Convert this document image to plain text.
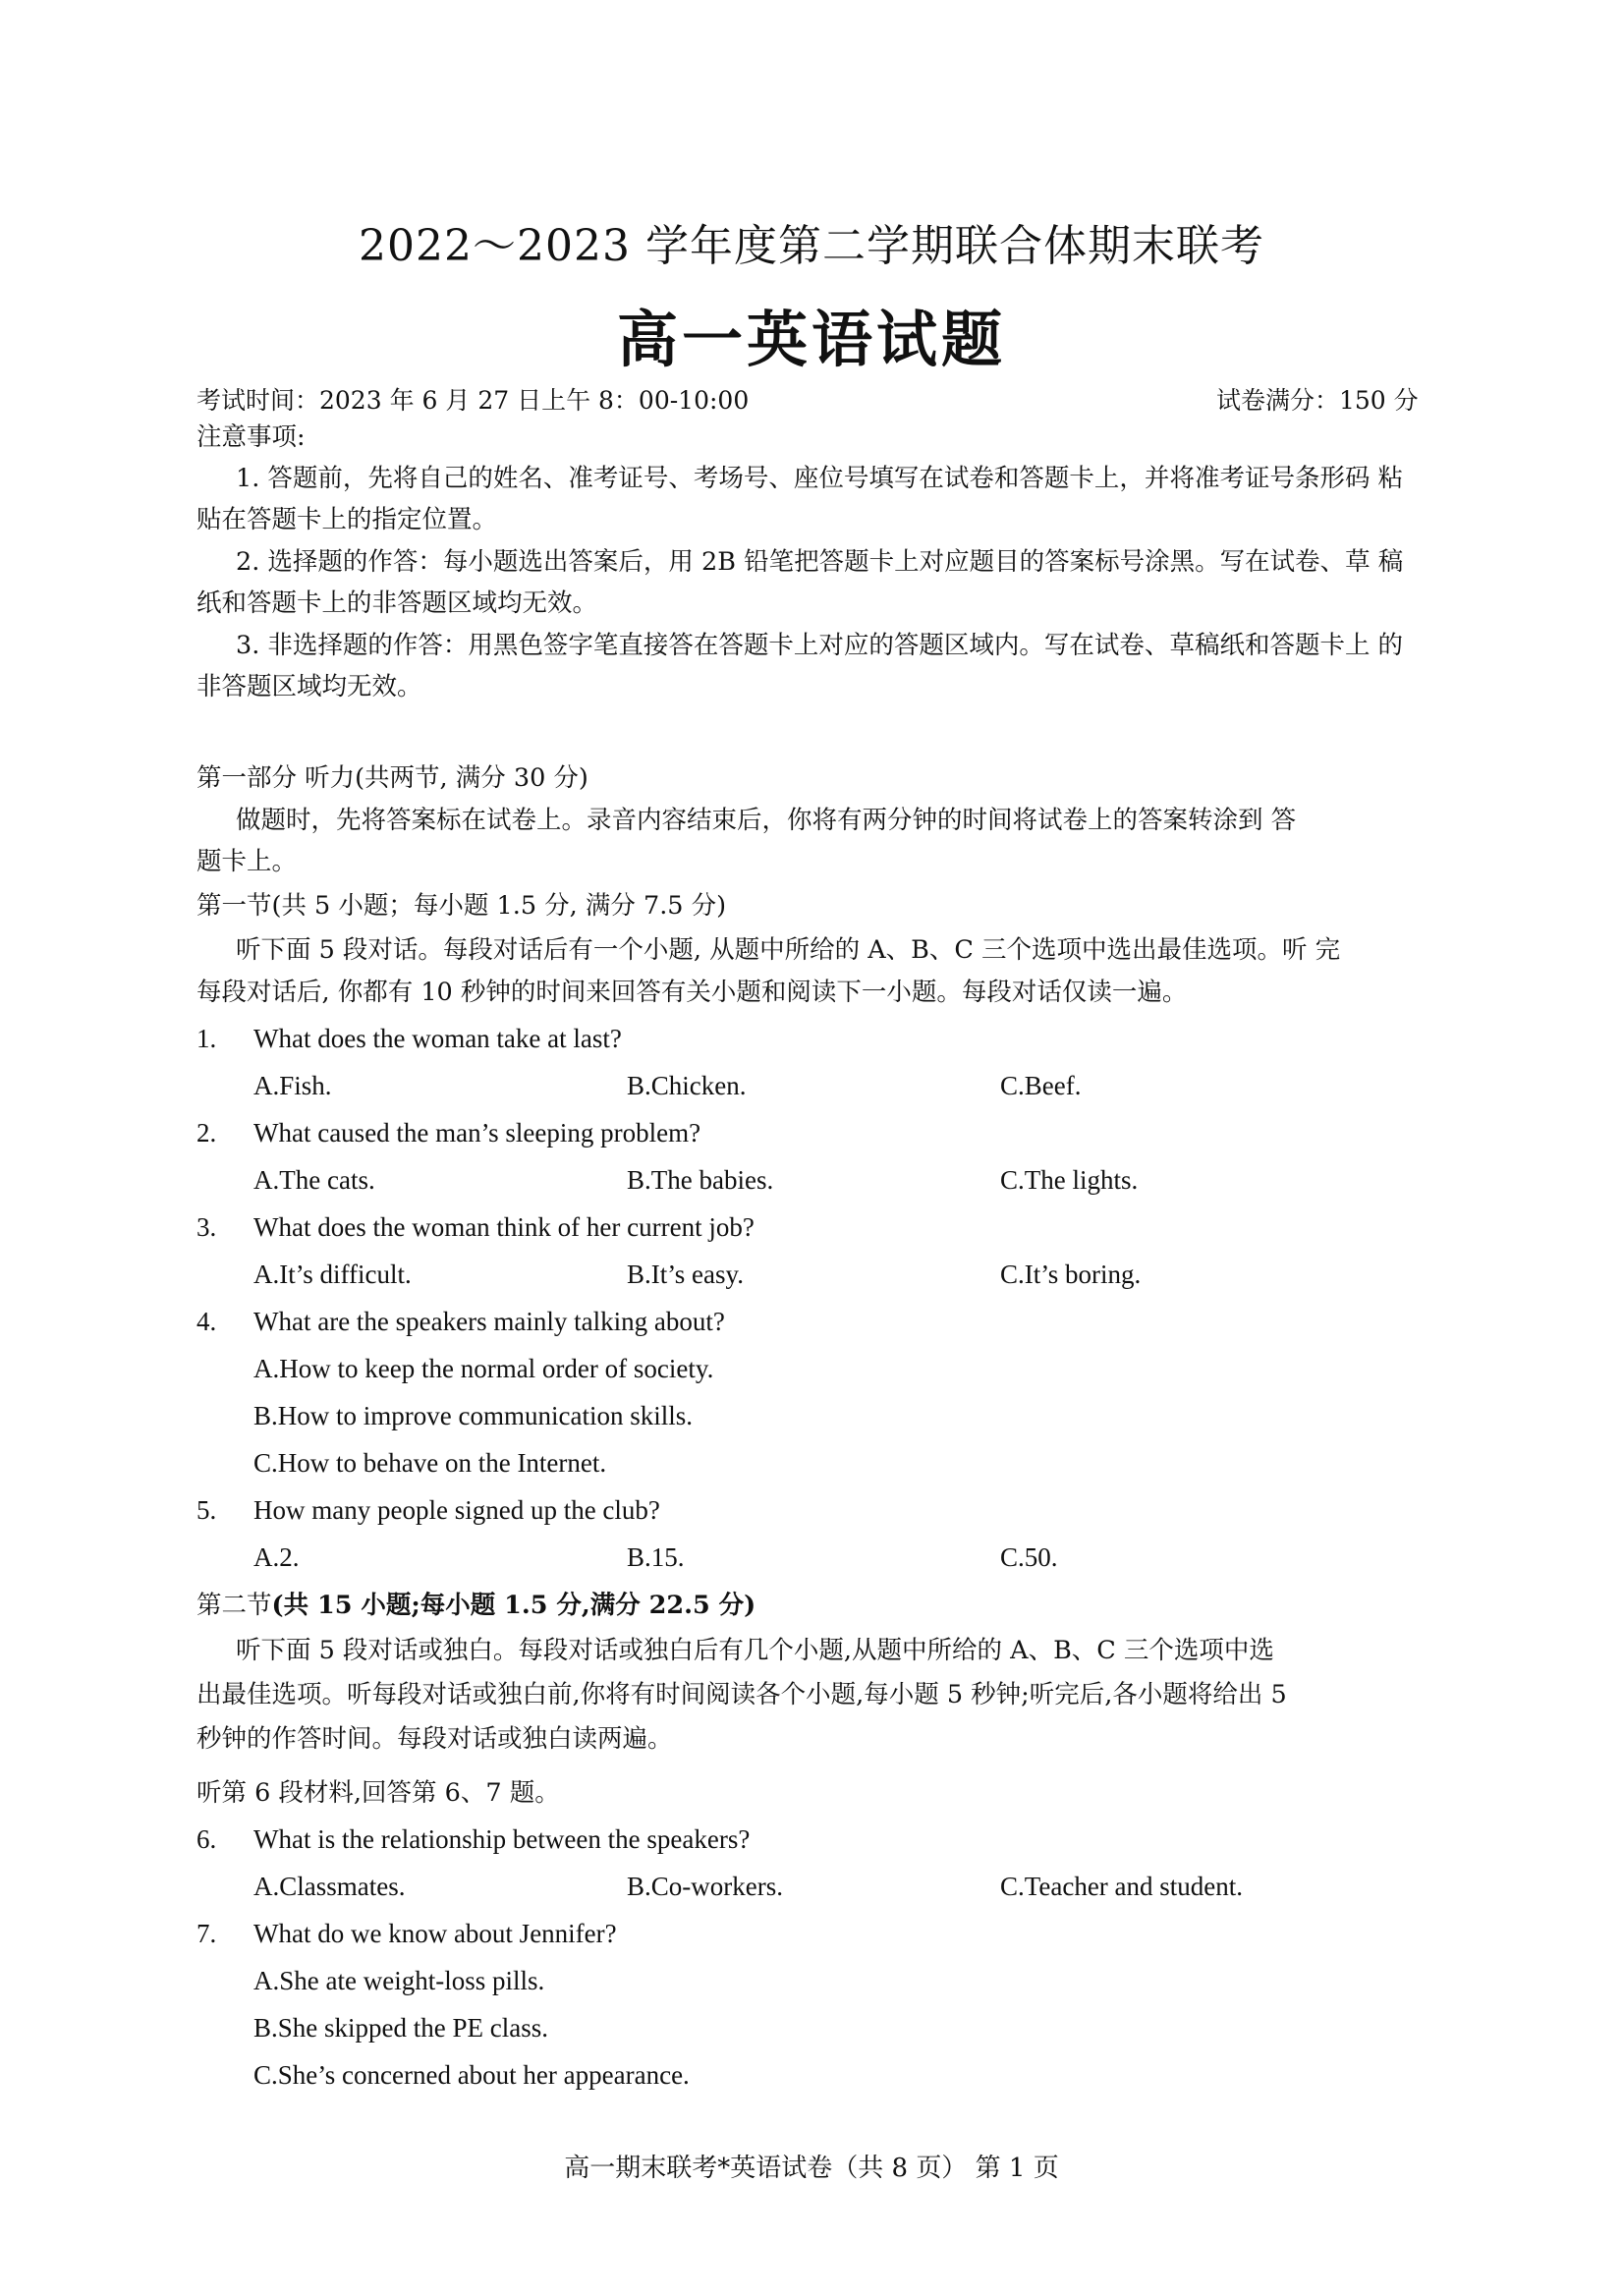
2022～2023 学年度第二学期联合体期末联考
高一英语试题
考试时间：2023 年 6 月 27 日上午 8：00-10:00	试卷满分：150 分
注意事项:
1. 答题前，先将自己的姓名、准考证号、考场号、座位号填写在试卷和答题卡上，并将准考证号条形码 粘
贴在答题卡上的指定位置。
2. 选择题的作答：每小题选出答案后，用 2B 铅笔把答题卡上对应题目的答案标号涂黑。写在试卷、草 稿
纸和答题卡上的非答题区域均无效。
3. 非选择题的作答：用黑色签字笔直接答在答题卡上对应的答题区域内。写在试卷、草稿纸和答题卡上 的
非答题区域均无效。
第一部分 听力(共两节, 满分 30 分)
做题时，先将答案标在试卷上。录音内容结束后，你将有两分钟的时间将试卷上的答案转涂到 答
题卡上。
第一节(共 5 小题；每小题 1.5 分, 满分 7.5 分)
听下面 5 段对话。每段对话后有一个小题, 从题中所给的 A、B、C 三个选项中选出最佳选项。听 完
每段对话后, 你都有 10 秒钟的时间来回答有关小题和阅读下一小题。每段对话仅读一遍。
1. What does the woman take at last?
A.Fish.	B.Chicken.	C.Beef.
2. What caused the man’s sleeping problem?
A.The cats.	B.The babies.	C.The lights.
3. What does the woman think of her current job?
A.It’s difficult.	B.It’s easy.	C.It’s boring.
4. What are the speakers mainly talking about?
A.How to keep the normal order of society.
B.How to improve communication skills.
C.How to behave on the Internet.
5. How many people signed up the club?
A.2.	B.15.	C.50.
第二节(共 15 小题;每小题 1.5 分,满分 22.5 分)
听下面 5 段对话或独白。每段对话或独白后有几个小题,从题中所给的 A、B、C 三个选项中选
出最佳选项。听每段对话或独白前,你将有时间阅读各个小题,每小题 5 秒钟;听完后,各小题将给出 5
秒钟的作答时间。每段对话或独白读两遍。
听第 6 段材料,回答第 6、7 题。
6. What is the relationship between the speakers?
A.Classmates.	B.Co-workers.	C.Teacher and student.
7. What do we know about Jennifer?
A.She ate weight-loss pills.
B.She skipped the PE class.
C.She’s concerned about her appearance.
高一期末联考*英语试卷（共 8 页） 第 1 页
